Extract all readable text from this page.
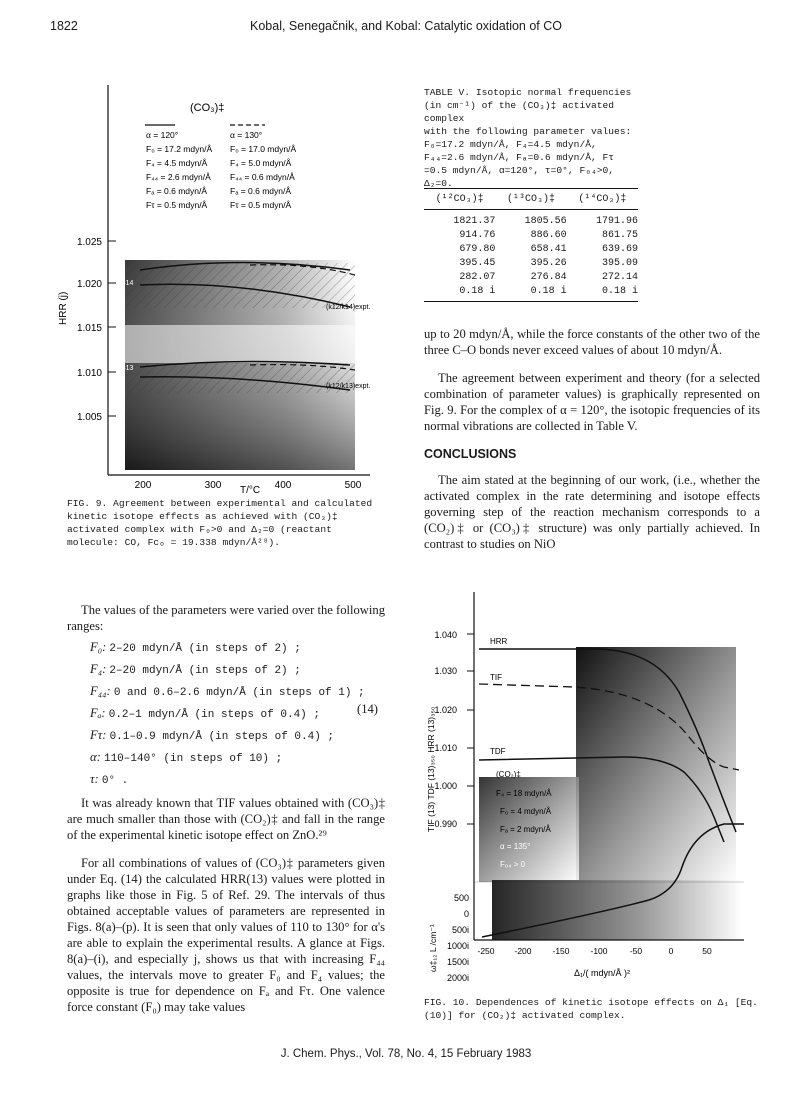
1822	Kobal, Senegačnik, and Kobal: Catalytic oxidation of CO
1.025
1.020
1.015
1.010
1.005
HRR (j)
200	300	400	500
T/°C
j=14
j=13
(k12/k14)expt.
(k12/k13)expt.
(CO₃)‡
α = 120°
F₀ = 17.2 mdyn/Å
F₄ = 4.5 mdyn/Å
F₄₄ = 2.6 mdyn/Å
Fₐ = 0.6 mdyn/Å
Fτ = 0.5 mdyn/Å
α = 130°
F₀ = 17.0 mdyn/Å
F₄ = 5.0 mdyn/Å
F₄₄ = 0.6 mdyn/Å
Fₐ = 0.6 mdyn/Å
Fτ = 0.5 mdyn/Å
FIG. 9. Agreement between experimental and calculated kinetic isotope effects as achieved with (CO₃)‡ activated complex with F₀>0 and Δ₂=0 (reactant molecule: CO, Fᴄₒ = 19.338 mdyn/Å²⁸).
TABLE V. Isotopic normal frequencies
(in cm⁻¹) of the (CO₃)‡ activated complex
with the following parameter values:
F₀=17.2 mdyn/Å, F₄=4.5 mdyn/Å,
F₄₄=2.6 mdyn/Å, Fₐ=0.6 mdyn/Å, Fτ
=0.5 mdyn/Å, α=120°, τ=0°, F₀₄>0,
Δ₂=0.
(¹²CO₃)‡	(¹³CO₃)‡	(¹⁴CO₃)‡
1821.37	1805.56	1791.96
914.76	886.60	861.75
679.80	658.41	639.69
395.45	395.26	395.09
282.07	276.84	272.14
0.18 i	0.18 i	0.18 i

up to 20 mdyn/Å, while the force constants of the other two of the three C–O bonds never exceed values of about 10 mdyn/Å.

The agreement between experiment and theory (for a selected combination of parameter values) is graphically represented on Fig. 9. For the complex of α = 120°, the isotopic frequencies of its normal vibrations are collected in Table V.

CONCLUSIONS

The aim stated at the beginning of our work, (i.e., whether the activated complex in the rate determining and isotope effects governing step of the reaction mechanism corresponds to a (CO₂)‡ or (CO₃)‡ structure) was only partially achieved. In contrast to studies on NiO

The values of the parameters were varied over the following ranges:

F₀: 2–20 mdyn/Å (in steps of 2) ;
F₄: 2–20 mdyn/Å (in steps of 2) ;
F₄₄: 0 and 0.6–2.6 mdyn/Å (in steps of 1) ;
Fₐ: 0.2–1 mdyn/Å (in steps of 0.4) ;
Fτ: 0.1–0.9 mdyn/Å (in steps of 0.4) ;
α: 110–140° (in steps of 10) ;
τ: 0° .
(14)

It was already known that TIF values obtained with (CO₃)‡ are much smaller than those with (CO₂)‡ and fall in the range of the experimental kinetic isotope effect on ZnO.²⁹

For all combinations of values of (CO₃)‡ parameters given under Eq. (14) the calculated HRR(13) values were plotted in graphs like those in Fig. 5 of Ref. 29. The intervals of thus obtained acceptable values of parameters are represented in Figs. 8(a)–(p). It is seen that only values of 110 to 130° for α's are able to explain the experimental results. A glance at Figs. 8(a)–(i), and especially j, shows us that with increasing F₄₄ values, the intervals move to greater F₀ and F₄ values; the opposite is true for dependence on Fₐ and Fτ. One valence force constant (F₀) may take values

1.040
1.030
1.020
1.010
1.000
0.990
500
0
500i
1000i
1500i
2000i
TIF (13) TDF (13)₃₅₀ HRR (13)₃₅₀
ω‡₁₂ L /cm⁻¹
HRR
TIF
TDF
(CO₂)‡
F₄ = 18 mdyn/Å
F₀ = 4 mdyn/Å
Fₐ = 2 mdyn/Å
α = 135°
F₀₄ > 0
-250 -200 -150 -100	-50	0	50
Δ₁/( mdyn/Å )²
FIG. 10. Dependences of kinetic isotope effects on Δ₁ [Eq. (10)] for (CO₂)‡ activated complex.
J. Chem. Phys., Vol. 78, No. 4, 15 February 1983
